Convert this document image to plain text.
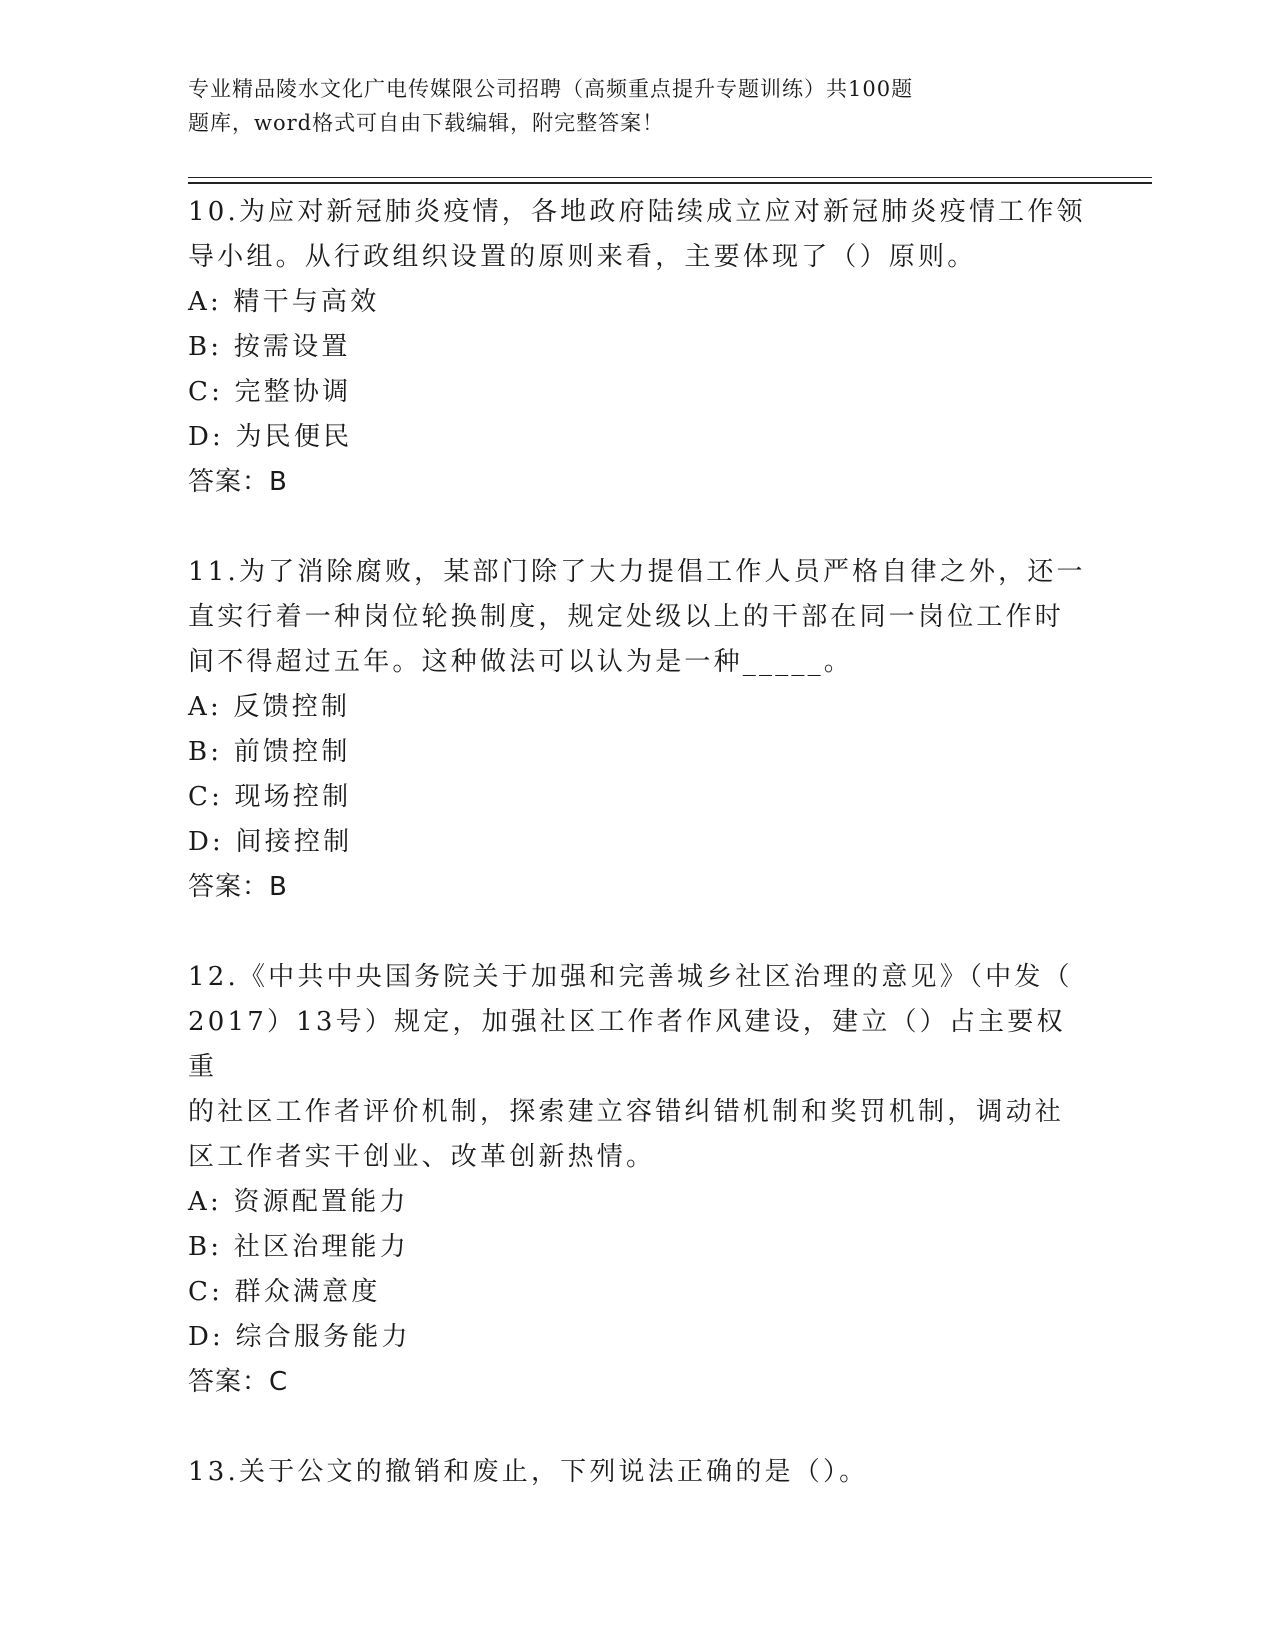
专业精品陵水文化广电传媒限公司招聘（高频重点提升专题训练）共100题
题库，word格式可自由下载编辑，附完整答案！

10.为应对新冠肺炎疫情，各地政府陆续成立应对新冠肺炎疫情工作领

导小组。从行政组织设置的原则来看，主要体现了（）原则。

A: 精干与高效

B: 按需设置

C: 完整协调

D: 为民便民

答案：B

11.为了消除腐败，某部门除了大力提倡工作人员严格自律之外，还一

直实行着一种岗位轮换制度，规定处级以上的干部在同一岗位工作时

间不得超过五年。这种做法可以认为是一种_____。

A: 反馈控制

B: 前馈控制

C: 现场控制

D: 间接控制

答案：B

12.《中共中央国务院关于加强和完善城乡社区治理的意见》（中发（

2017）13号）规定，加强社区工作者作风建设，建立（）占主要权重

的社区工作者评价机制，探索建立容错纠错机制和奖罚机制，调动社

区工作者实干创业、改革创新热情。

A: 资源配置能力

B: 社区治理能力

C: 群众满意度

D: 综合服务能力

答案：C

13.关于公文的撤销和废止，下列说法正确的是（）。
